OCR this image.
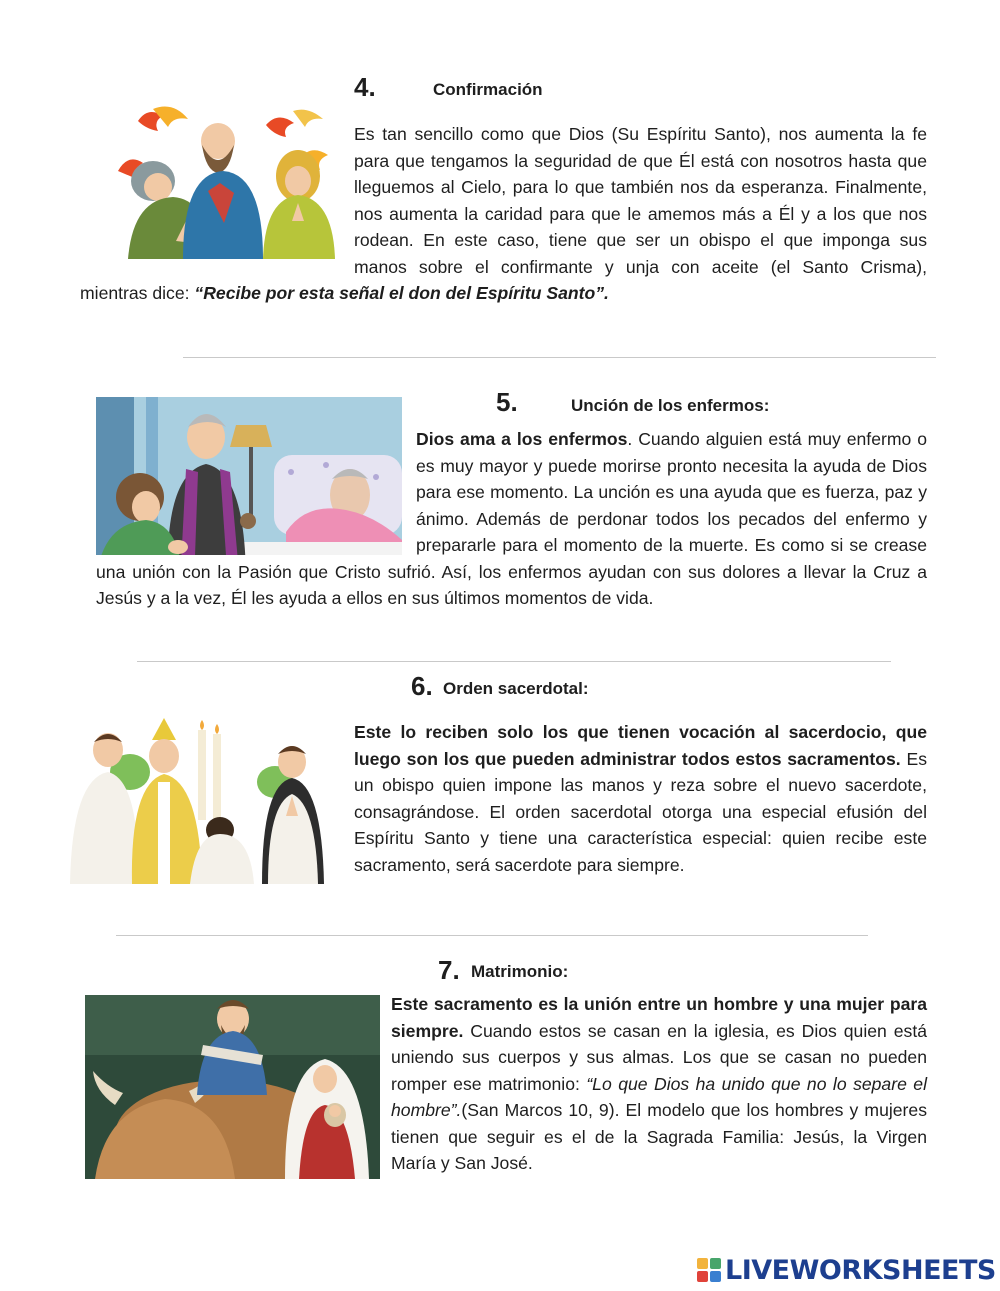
4.	Confirmación

Es tan sencillo como que Dios (Su Espíritu Santo), nos aumenta la fe para que tengamos la seguridad de que Él está con nosotros hasta que lleguemos al Cielo, para lo que también nos da esperanza. Finalmente, nos aumenta la caridad para que le amemos más a Él y a los que nos rodean. En este caso, tiene que ser un obispo el que imponga sus manos sobre el confirmante y unja con aceite (el Santo Crisma), mientras dice: “Recibe por esta señal el don del Espíritu Santo”.

5.	Unción de los enfermos:

Dios ama a los enfermos. Cuando alguien está muy enfermo o es muy mayor y puede morirse pronto necesita la ayuda de Dios para ese momento. La unción es una ayuda que es fuerza, paz y ánimo. Además de perdonar todos los pecados del enfermo y prepararle para el momento de la muerte. Es como si se crease una unión con la Pasión que Cristo sufrió. Así, los enfermos ayudan con sus dolores a llevar la Cruz a Jesús y a la vez, Él les ayuda a ellos en sus últimos momentos de vida.

6. Orden sacerdotal:

Este lo reciben solo los que tienen vocación al sacerdocio, que luego son los que pueden administrar todos estos sacramentos. Es un obispo quien impone las manos y reza sobre el nuevo sacerdote, consagrándose. El orden sacerdotal otorga una especial efusión del Espíritu Santo y tiene una característica especial: quien recibe este sacramento, será sacerdote para siempre.

7. Matrimonio:

Este sacramento es la unión entre un hombre y una mujer para siempre. Cuando estos se casan en la iglesia, es Dios quien está uniendo sus cuerpos y sus almas. Los que se casan no pueden romper ese matrimonio: “Lo que Dios ha unido que no lo separe el hombre”.(San Marcos 10, 9). El modelo que los hombres y mujeres tienen que seguir es el de la Sagrada Familia: Jesús, la Virgen María y San José.

LIVEWORKSHEETS
